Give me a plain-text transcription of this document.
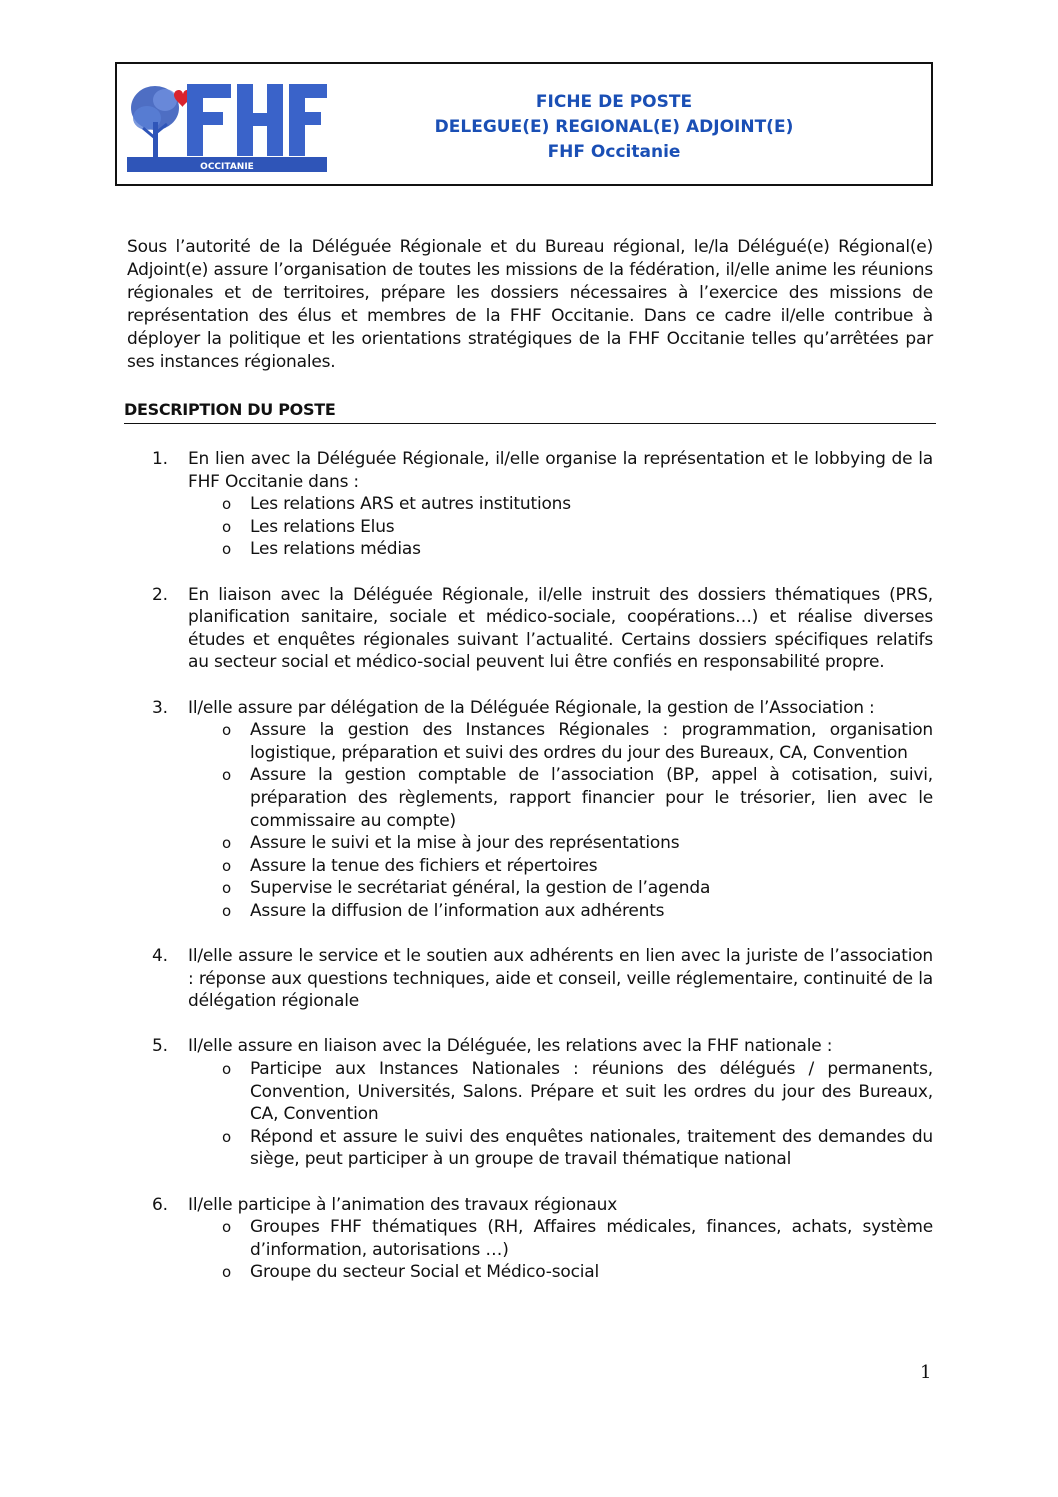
OCCITANIE
FICHE DE POSTE
DELEGUE(E) REGIONAL(E) ADJOINT(E)
FHF Occitanie
Sous l’autorité de la Déléguée Régionale et du Bureau régional, le/la Délégué(e) Régional(e) Adjoint(e) assure l’organisation de toutes les missions de la fédération, il/elle anime les réunions régionales et de territoires, prépare les dossiers nécessaires à l’exercice des missions de représentation des élus et membres de la FHF Occitanie. Dans ce cadre il/elle contribue à déployer la politique et les orientations stratégiques de la FHF Occitanie telles qu’arrêtées par ses instances régionales.
DESCRIPTION DU POSTE
1.	En lien avec la Déléguée Régionale, il/elle organise la représentation et le lobbying de la FHF Occitanie dans :
o	Les relations ARS et autres institutions
o	Les relations Elus
o	Les relations médias
2.	En liaison avec la Déléguée Régionale, il/elle instruit des dossiers thématiques (PRS, planification sanitaire, sociale et médico-sociale, coopérations…) et réalise diverses études et enquêtes régionales suivant l’actualité. Certains dossiers spécifiques relatifs au secteur social et médico-social peuvent lui être confiés en responsabilité propre.
3.	Il/elle assure par délégation de la Déléguée Régionale, la gestion de l’Association :
o	Assure la gestion des Instances Régionales : programmation, organisation logistique, préparation et suivi des ordres du jour des Bureaux, CA, Convention
o	Assure la gestion comptable de l’association (BP, appel à cotisation, suivi, préparation des règlements, rapport financier pour le trésorier, lien avec le commissaire au compte)
o	Assure le suivi et la mise à jour des représentations
o	Assure la tenue des fichiers et répertoires
o	Supervise le secrétariat général, la gestion de l’agenda
o	Assure la diffusion de l’information aux adhérents
4.	Il/elle assure le service et le soutien aux adhérents en lien avec la juriste de l’association : réponse aux questions techniques, aide et conseil, veille réglementaire, continuité de la délégation régionale
5.	Il/elle assure en liaison avec la Déléguée, les relations avec la FHF nationale :
o	Participe aux Instances Nationales : réunions des délégués / permanents, Convention, Universités, Salons. Prépare et suit les ordres du jour des Bureaux, CA, Convention
o	Répond et assure le suivi des enquêtes nationales, traitement des demandes du siège, peut participer à un groupe de travail thématique national
6.	Il/elle participe à l’animation des travaux régionaux
o	Groupes FHF thématiques (RH, Affaires médicales, finances, achats, système d’information, autorisations …)
o	Groupe du secteur Social et Médico-social
1
